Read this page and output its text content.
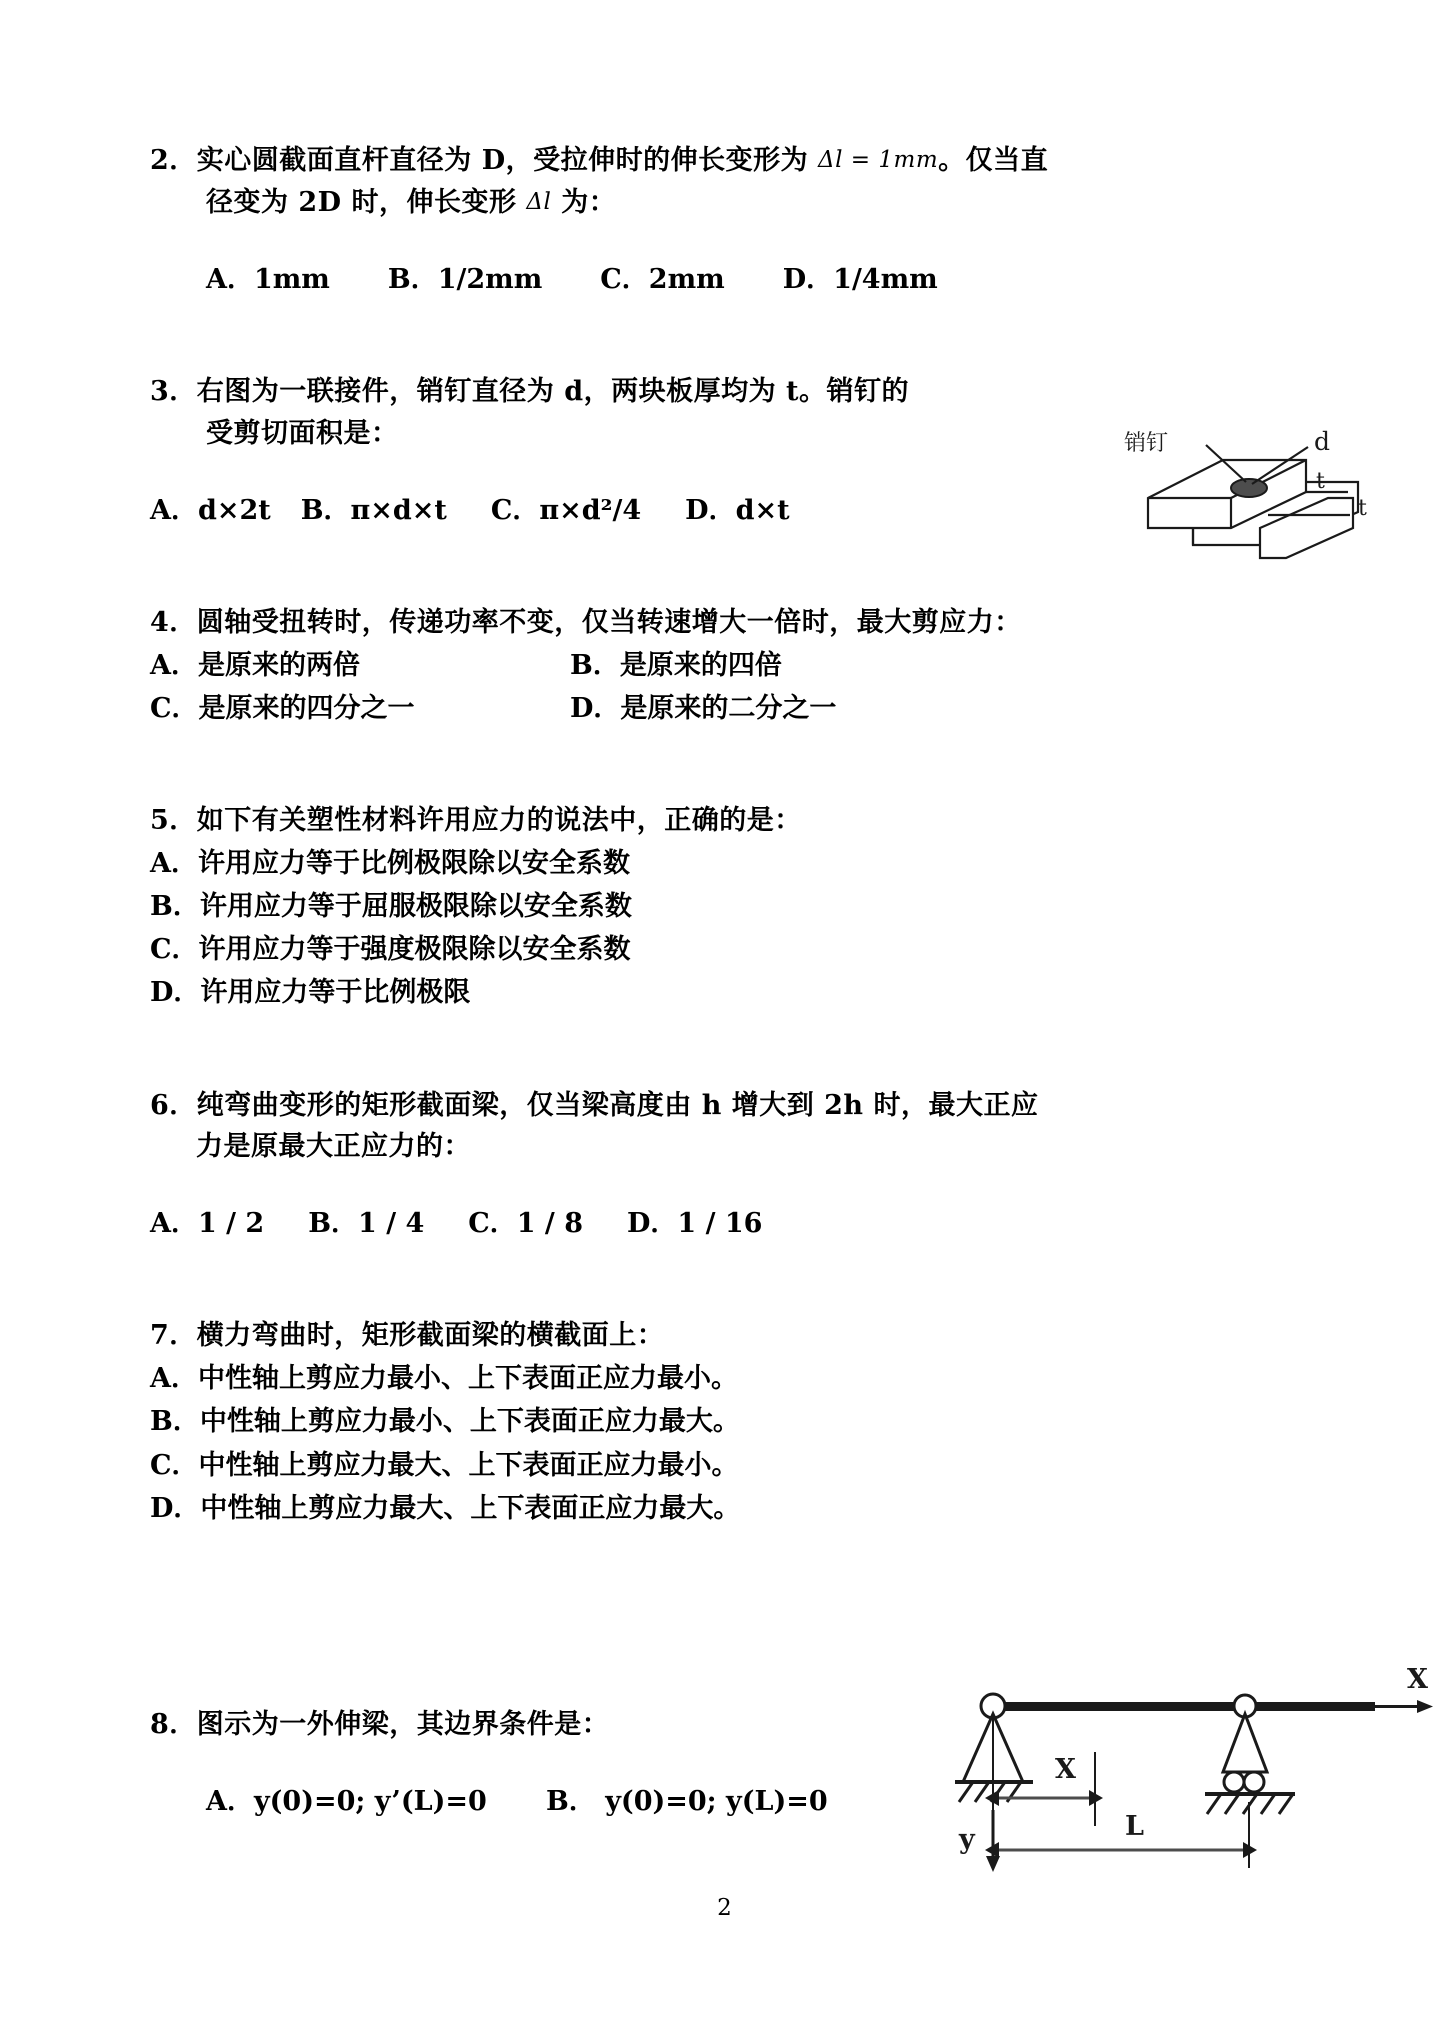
2．实心圆截面直杆直径为 D，受拉伸时的伸长变形为 Δl = 1mm。仅当直
径变为 2D 时，伸长变形 Δl 为：
A．1mm B．1/2mm C．2mm D．1/4mm
3．右图为一联接件，销钉直径为 d，两块板厚均为 t。销钉的
受剪切面积是：
A．d×2t B．π×d×t C．π×d²/4 D．d×t
4．圆轴受扭转时，传递功率不变，仅当转速增大一倍时，最大剪应力：
A．是原来的两倍	B．是原来的四倍
C．是原来的四分之一	D．是原来的二分之一
5．如下有关塑性材料许用应力的说法中，正确的是：
A．许用应力等于比例极限除以安全系数
B．许用应力等于屈服极限除以安全系数
C．许用应力等于强度极限除以安全系数
D．许用应力等于比例极限
6．纯弯曲变形的矩形截面梁，仅当梁高度由 h 增大到 2h 时，最大正应
力是原最大正应力的：
A．1 / 2 B．1 / 4 C．1 / 8 D．1 / 16
7．横力弯曲时，矩形截面梁的横截面上：
A．中性轴上剪应力最小、上下表面正应力最小。
B．中性轴上剪应力最小、上下表面正应力最大。
C．中性轴上剪应力最大、上下表面正应力最小。
D．中性轴上剪应力最大、上下表面正应力最大。
8．图示为一外伸梁，其边界条件是：
A．y(0)=0; y’(L)=0 B． y(0)=0; y(L)=0
销钉	d
t
t
X
y
X
L
2
